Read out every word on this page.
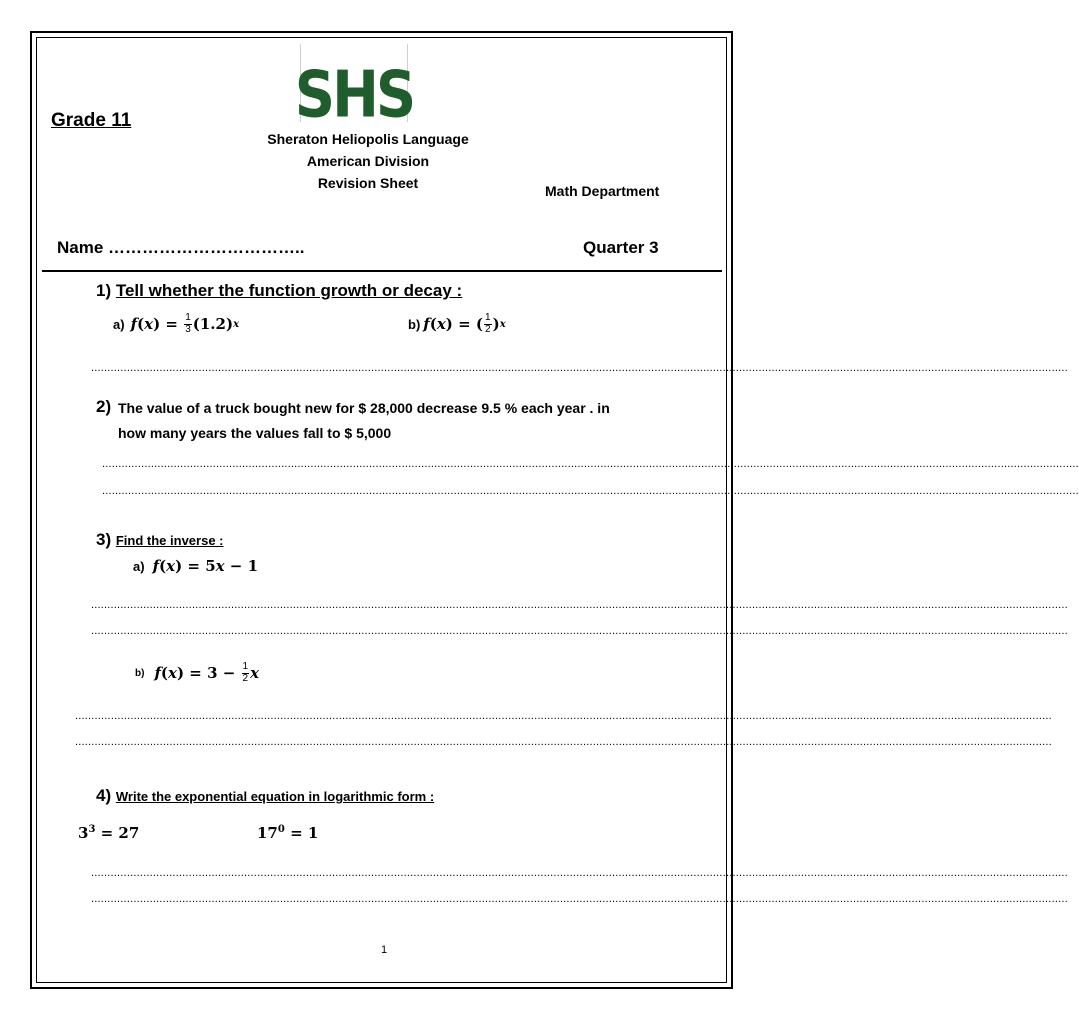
Grade 11	SHS
Sheraton Heliopolis Language
American Division
Revision Sheet	Math Department
Name ……………………………..	Quarter 3
1) Tell whether the function growth or decay :
a) f ( x ) = $\frac{1}{3} (1.2)$ x	b) f ( x ) = ( $\frac{1}{2}$ ) x
............................................................................................................................................................................................................................................................................................................
2) The value of a truck bought new for $ 28,000 decrease 9.5 % each year . in
how many years the values fall to $ 5,000
............................................................................................................................................................................................................................................................................................................
............................................................................................................................................................................................................................................................................................................
3) Find the inverse :
a) f ( x ) = 5 x − 1
............................................................................................................................................................................................................................................................................................................
............................................................................................................................................................................................................................................................................................................
b) f ( x ) = $3 - \frac{1}{2}$ x
............................................................................................................................................................................................................................................................................................................
............................................................................................................................................................................................................................................................................................................
4) Write the exponential equation in logarithmic form :
$3^3 = 27$	$17^0 = 1$
............................................................................................................................................................................................................................................................................................................
............................................................................................................................................................................................................................................................................................................
1
